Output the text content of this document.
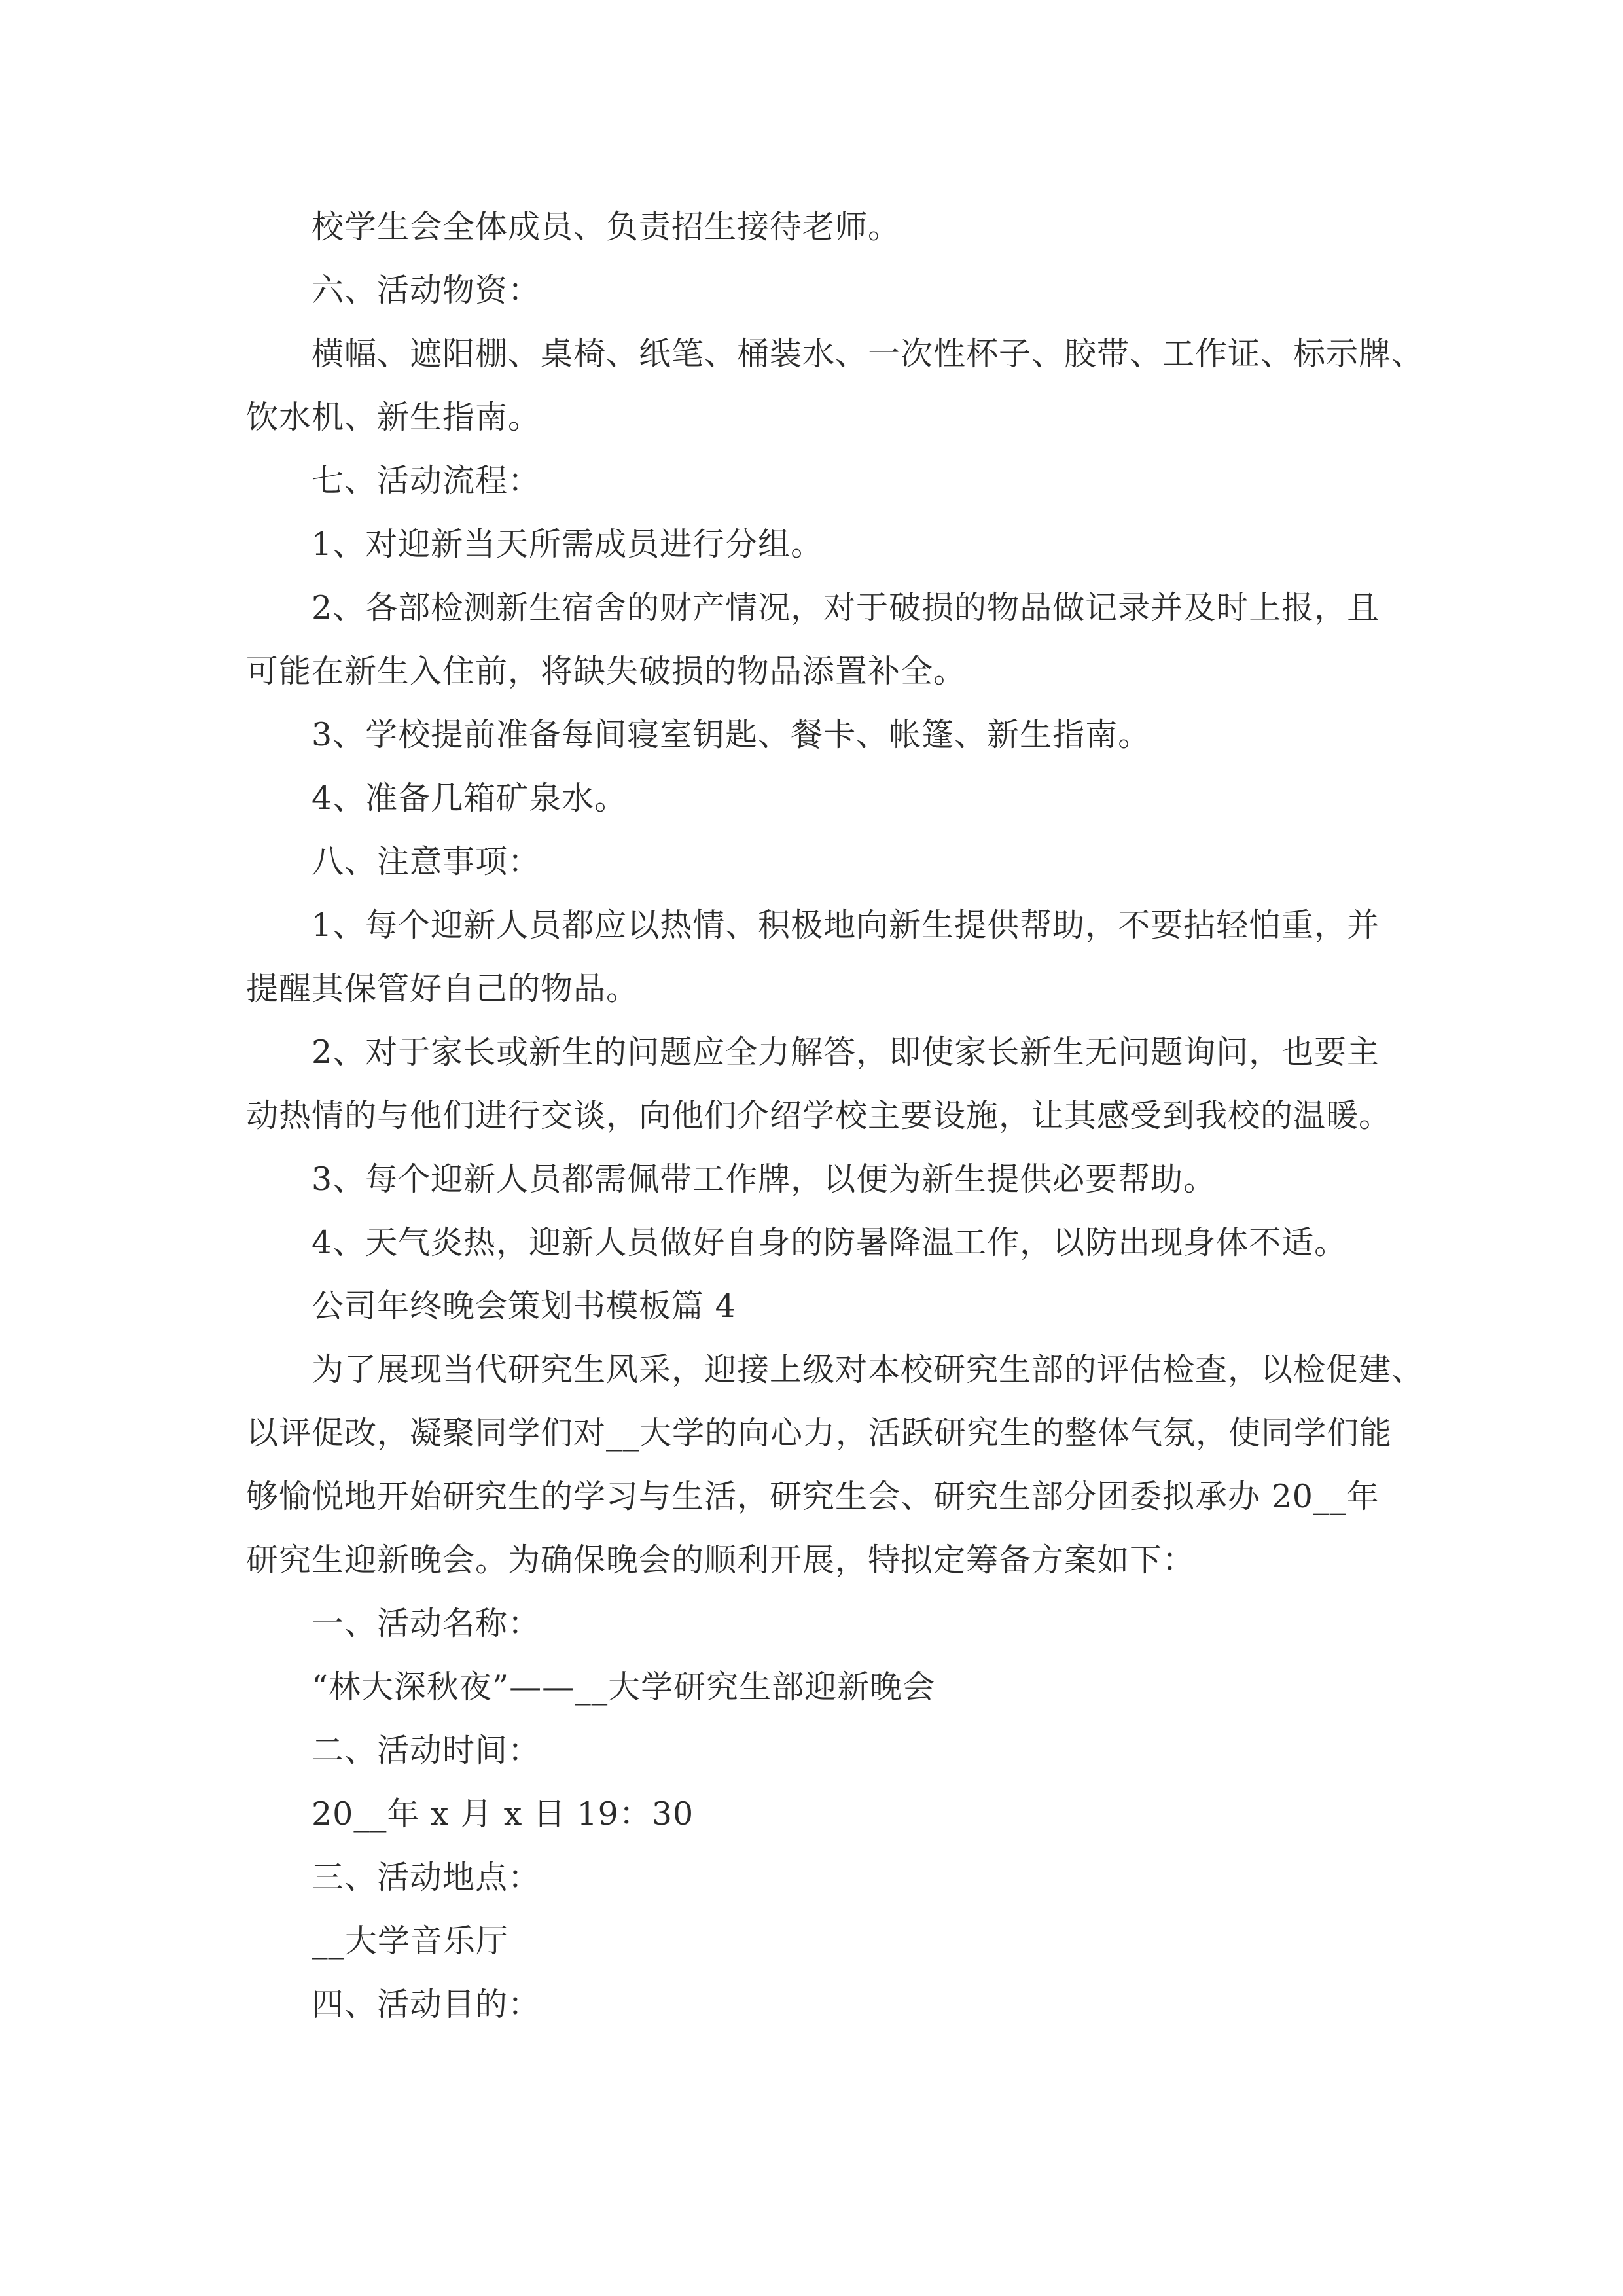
校学生会全体成员、负责招生接待老师。

六、活动物资：

横幅、遮阳棚、桌椅、纸笔、桶装水、一次性杯子、胶带、工作证、标示牌、

饮水机、新生指南。

七、活动流程：

1、对迎新当天所需成员进行分组。

2、各部检测新生宿舍的财产情况，对于破损的物品做记录并及时上报，且

可能在新生入住前，将缺失破损的物品添置补全。

3、学校提前准备每间寝室钥匙、餐卡、帐篷、新生指南。

4、准备几箱矿泉水。

八、注意事项：

1、每个迎新人员都应以热情、积极地向新生提供帮助，不要拈轻怕重，并

提醒其保管好自己的物品。

2、对于家长或新生的问题应全力解答，即使家长新生无问题询问，也要主

动热情的与他们进行交谈，向他们介绍学校主要设施，让其感受到我校的温暖。

3、每个迎新人员都需佩带工作牌，以便为新生提供必要帮助。

4、天气炎热，迎新人员做好自身的防暑降温工作，以防出现身体不适。

公司年终晚会策划书模板篇 4

为了展现当代研究生风采，迎接上级对本校研究生部的评估检查，以检促建、

以评促改，凝聚同学们对__大学的向心力，活跃研究生的整体气氛，使同学们能

够愉悦地开始研究生的学习与生活，研究生会、研究生部分团委拟承办 20__年

研究生迎新晚会。为确保晚会的顺利开展，特拟定筹备方案如下：

一、活动名称：

“林大深秋夜”——__大学研究生部迎新晚会

二、活动时间：

20__年 x 月 x 日 19：30

三、活动地点：

__大学音乐厅

四、活动目的：
